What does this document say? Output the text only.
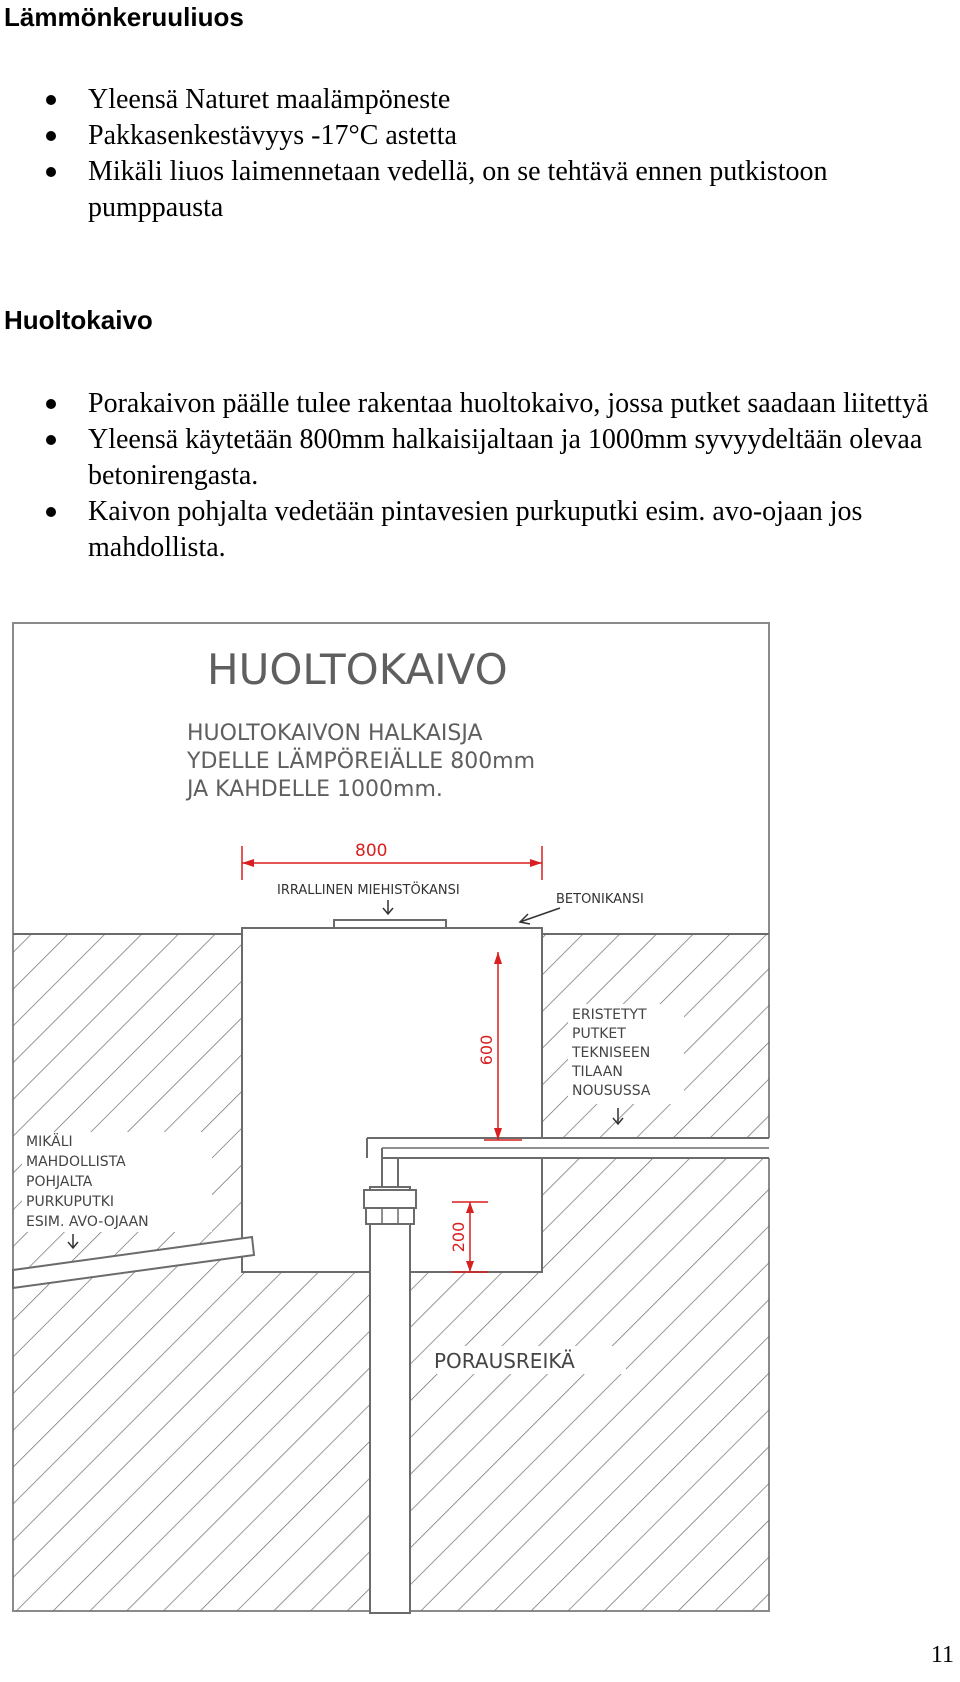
Lämmönkeruuliuos
Yleensä Naturet maalämpöneste
Pakkasenkestävyys -17°C astetta
Mikäli liuos laimennetaan vedellä, on se tehtävä ennen putkistoon pumppausta
Huoltokaivo
Porakaivon päälle tulee rakentaa huoltokaivo, jossa putket saadaan liitettyä
Yleensä käytetään 800mm halkaisijaltaan ja 1000mm syvyydeltään olevaa betonirengasta.
Kaivon pohjalta vedetään pintavesien purkuputki esim. avo-ojaan jos mahdollista.
HUOLTOKAIVO
HUOLTOKAIVON HALKAISJA
YDELLE LÄMPÖREIÄLLE 800mm
JA KAHDELLE 1000mm.
800
IRRALLINEN MIEHISTÖKANSI
BETONIKANSI
600
200
ERISTETYT PUTKET TEKNISEEN TILAAN NOUSUSSA
MIKÄLI MAHDOLLISTA POHJALTA PURKUPUTKI ESIM. AVO-OJAAN
PORAUSREIKÄ
11
